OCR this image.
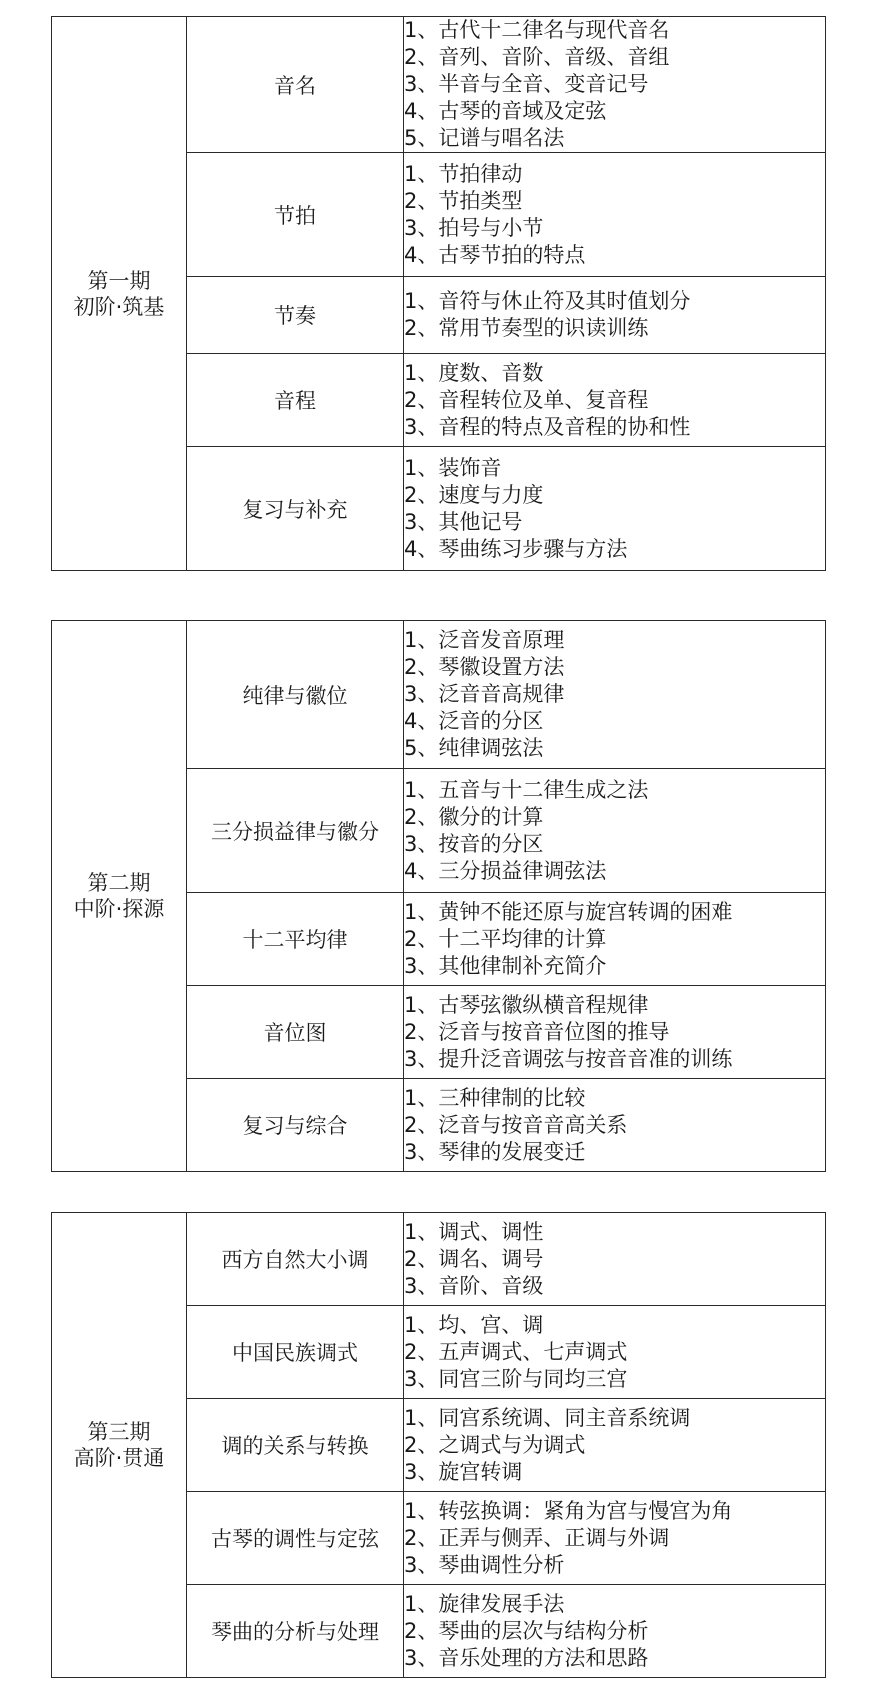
第一期
初阶·筑基	音名	1、古代十二律名与现代音名
2、音列、音阶、音级、音组
3、半音与全音、变音记号
4、古琴的音域及定弦
5、记谱与唱名法

	节拍	1、节拍律动
2、节拍类型
3、拍号与小节
4、古琴节拍的特点

	节奏	1、音符与休止符及其时值划分
2、常用节奏型的识读训练

	音程	1、度数、音数
2、音程转位及单、复音程
3、音程的特点及音程的协和性

	复习与补充	1、装饰音
2、速度与力度
3、其他记号
4、琴曲练习步骤与方法
第二期
中阶·探源	纯律与徽位	1、泛音发音原理
2、琴徽设置方法
3、泛音音高规律
4、泛音的分区
5、纯律调弦法

	三分损益律与徽分	1、五音与十二律生成之法
2、徽分的计算
3、按音的分区
4、三分损益律调弦法

	十二平均律	1、黄钟不能还原与旋宫转调的困难
2、十二平均律的计算
3、其他律制补充简介

	音位图	1、古琴弦徽纵横音程规律
2、泛音与按音音位图的推导
3、提升泛音调弦与按音音准的训练

	复习与综合	1、三种律制的比较
2、泛音与按音音高关系
3、琴律的发展变迁
第三期
高阶·贯通	西方自然大小调	1、调式、调性
2、调名、调号
3、音阶、音级

	中国民族调式	1、均、宫、调
2、五声调式、七声调式
3、同宫三阶与同均三宫

	调的关系与转换	1、同宫系统调、同主音系统调
2、之调式与为调式
3、旋宫转调

	古琴的调性与定弦	1、转弦换调：紧角为宫与慢宫为角
2、正弄与侧弄、正调与外调
3、琴曲调性分析

	琴曲的分析与处理	1、旋律发展手法
2、琴曲的层次与结构分析
3、音乐处理的方法和思路
